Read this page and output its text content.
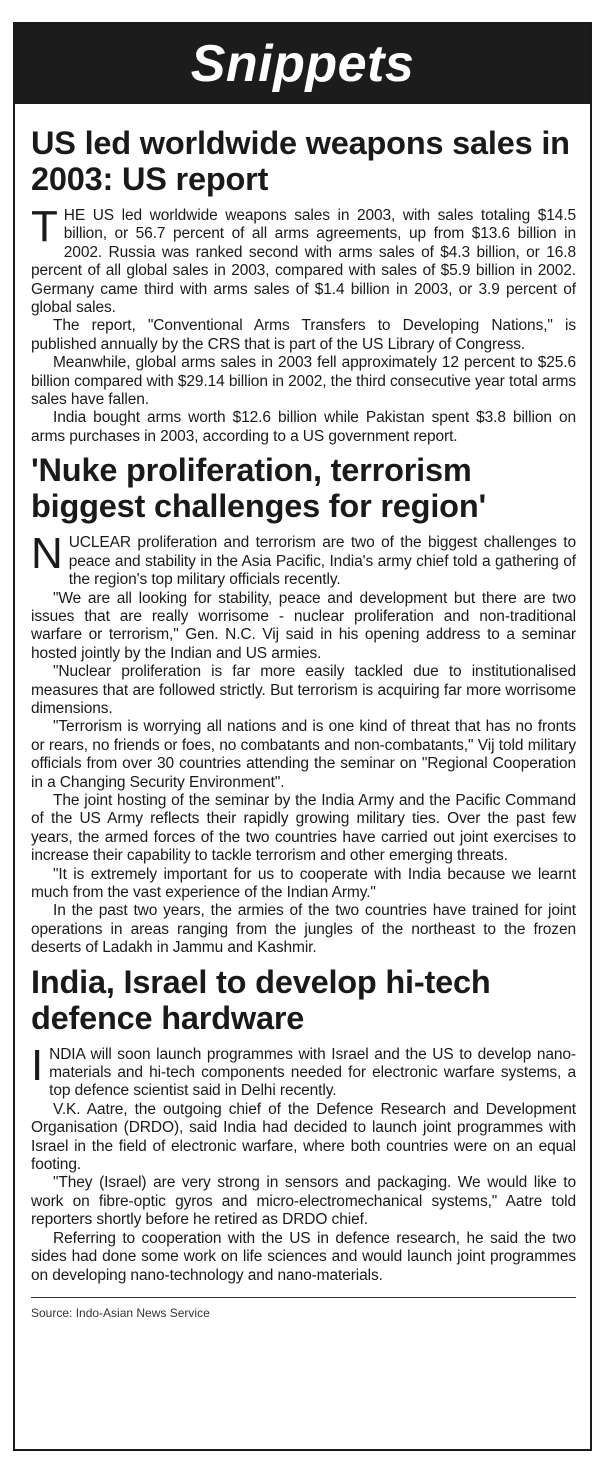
Snippets
US led worldwide weapons sales in 2003: US report

THE US led worldwide weapons sales in 2003, with sales totaling $14.5 billion, or 56.7 percent of all arms agreements, up from $13.6 billion in 2002. Russia was ranked second with arms sales of $4.3 billion, or 16.8 percent of all global sales in 2003, compared with sales of $5.9 billion in 2002. Germany came third with arms sales of $1.4 billion in 2003, or 3.9 percent of global sales.

The report, "Conventional Arms Transfers to Developing Nations," is published annually by the CRS that is part of the US Library of Congress.

Meanwhile, global arms sales in 2003 fell approximately 12 percent to $25.6 billion compared with $29.14 billion in 2002, the third consecutive year total arms sales have fallen.

India bought arms worth $12.6 billion while Pakistan spent $3.8 billion on arms purchases in 2003, according to a US government report.

'Nuke proliferation, terrorism biggest challenges for region'

NUCLEAR proliferation and terrorism are two of the biggest challenges to peace and stability in the Asia Pacific, India's army chief told a gathering of the region's top military officials recently.

"We are all looking for stability, peace and development but there are two issues that are really worrisome - nuclear proliferation and non-traditional warfare or terrorism," Gen. N.C. Vij said in his opening address to a seminar hosted jointly by the Indian and US armies.

"Nuclear proliferation is far more easily tackled due to institutionalised measures that are followed strictly. But terrorism is acquiring far more worrisome dimensions.

"Terrorism is worrying all nations and is one kind of threat that has no fronts or rears, no friends or foes, no combatants and non-combatants," Vij told military officials from over 30 countries attending the seminar on "Regional Cooperation in a Changing Security Environment".

The joint hosting of the seminar by the India Army and the Pacific Command of the US Army reflects their rapidly growing military ties. Over the past few years, the armed forces of the two countries have carried out joint exercises to increase their capability to tackle terrorism and other emerging threats.

"It is extremely important for us to cooperate with India because we learnt much from the vast experience of the Indian Army."

In the past two years, the armies of the two countries have trained for joint operations in areas ranging from the jungles of the northeast to the frozen deserts of Ladakh in Jammu and Kashmir.

India, Israel to develop hi-tech defence hardware

INDIA will soon launch programmes with Israel and the US to develop nano-materials and hi-tech components needed for electronic warfare systems, a top defence scientist said in Delhi recently.

V.K. Aatre, the outgoing chief of the Defence Research and Development Organisation (DRDO), said India had decided to launch joint programmes with Israel in the field of electronic warfare, where both countries were on an equal footing.

"They (Israel) are very strong in sensors and packaging. We would like to work on fibre-optic gyros and micro-electromechanical systems," Aatre told reporters shortly before he retired as DRDO chief.

Referring to cooperation with the US in defence research, he said the two sides had done some work on life sciences and would launch joint programmes on developing nano-technology and nano-materials.

Source: Indo-Asian News Service
